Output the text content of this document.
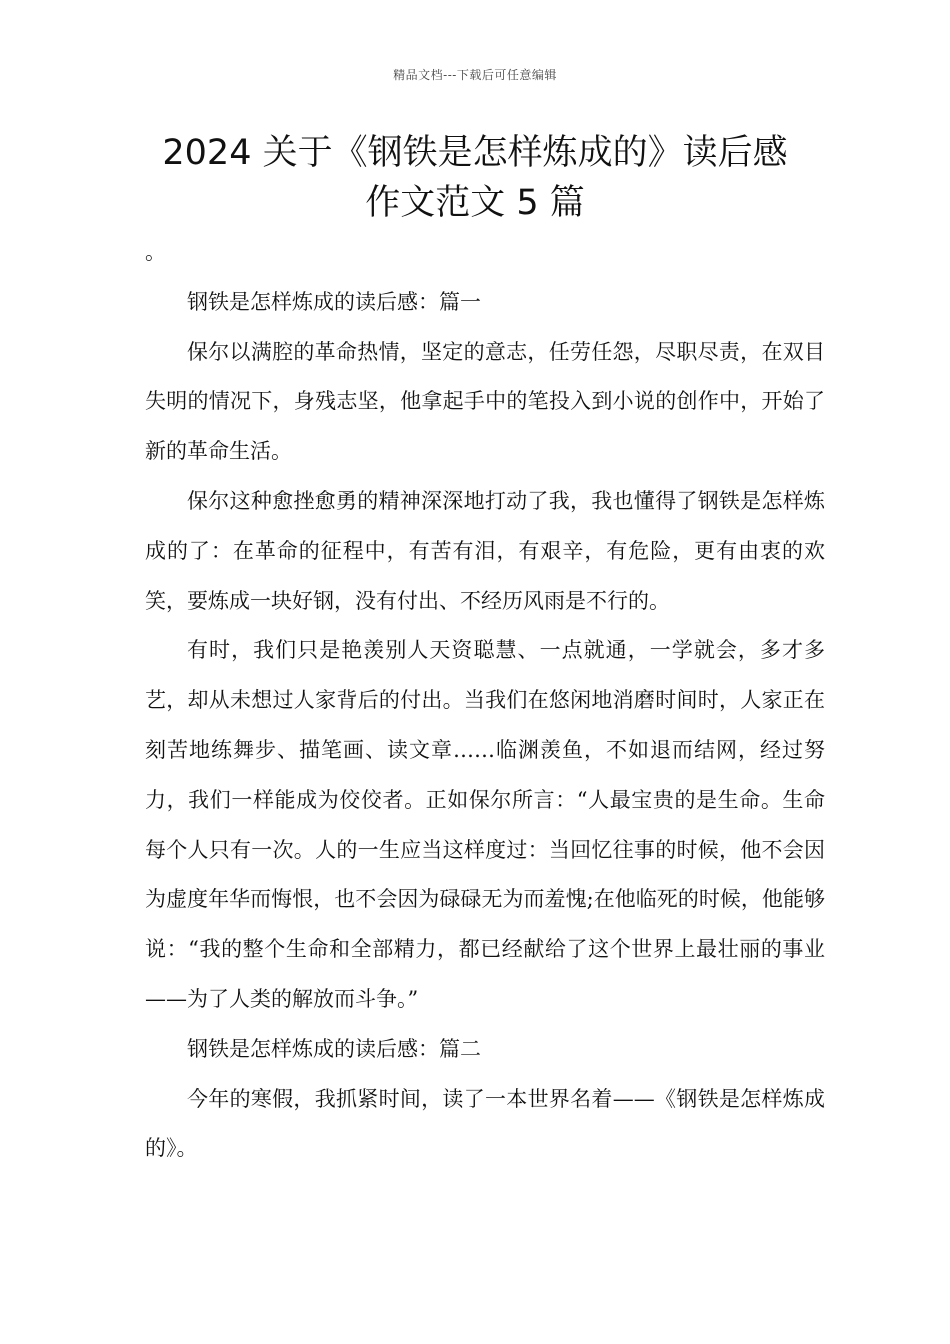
精品文档---下载后可任意编辑
2024 关于《钢铁是怎样炼成的》读后感
作文范文 5 篇

。

钢铁是怎样炼成的读后感：篇一

保尔以满腔的革命热情，坚定的意志，任劳任怨，尽职尽责，在双目失明的情况下，身残志坚，他拿起手中的笔投入到小说的创作中，开始了新的革命生活。

保尔这种愈挫愈勇的精神深深地打动了我，我也懂得了钢铁是怎样炼成的了：在革命的征程中，有苦有泪，有艰辛，有危险，更有由衷的欢笑，要炼成一块好钢，没有付出、不经历风雨是不行的。

有时，我们只是艳羡别人天资聪慧、一点就通，一学就会，多才多艺，却从未想过人家背后的付出。当我们在悠闲地消磨时间时，人家正在刻苦地练舞步、描笔画、读文章……临渊羡鱼，不如退而结网，经过努力，我们一样能成为佼佼者。正如保尔所言：“人最宝贵的是生命。生命每个人只有一次。人的一生应当这样度过：当回忆往事的时候，他不会因为虚度年华而悔恨，也不会因为碌碌无为而羞愧;在他临死的时候，他能够说：“我的整个生命和全部精力，都已经献给了这个世界上最壮丽的事业——为了人类的解放而斗争。”

钢铁是怎样炼成的读后感：篇二

今年的寒假，我抓紧时间，读了一本世界名着——《钢铁是怎样炼成的》。
